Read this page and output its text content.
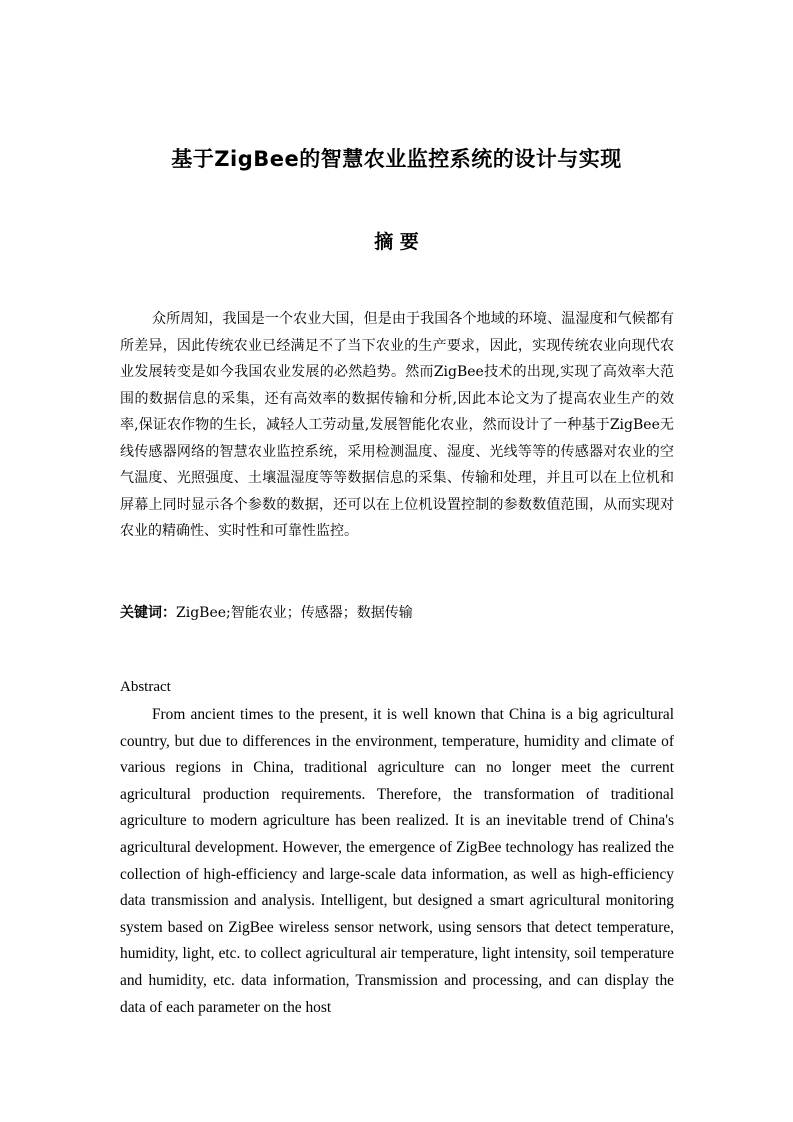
基于ZigBee的智慧农业监控系统的设计与实现
摘 要

众所周知，我国是一个农业大国，但是由于我国各个地域的环境、温湿度和气候都有所差异，因此传统农业已经满足不了当下农业的生产要求，因此，实现传统农业向现代农业发展转变是如今我国农业发展的必然趋势。然而ZigBee技术的出现,实现了高效率大范围的数据信息的采集，还有高效率的数据传输和分析,因此本论文为了提高农业生产的效率,保证农作物的生长，减轻人工劳动量,发展智能化农业，然而设计了一种基于ZigBee无线传感器网络的智慧农业监控系统，采用检测温度、湿度、光线等等的传感器对农业的空气温度、光照强度、土壤温湿度等等数据信息的采集、传输和处理，并且可以在上位机和屏幕上同时显示各个参数的数据，还可以在上位机设置控制的参数数值范围，从而实现对农业的精确性、实时性和可靠性监控。

关键词：ZigBee;智能农业；传感器；数据传输

Abstract

From ancient times to the present, it is well known that China is a big agricultural country, but due to differences in the environment, temperature, humidity and climate of various regions in China, traditional agriculture can no longer meet the current agricultural production requirements. Therefore, the transformation of traditional agriculture to modern agriculture has been realized. It is an inevitable trend of China's agricultural development. However, the emergence of ZigBee technology has realized the collection of high-efficiency and large-scale data information, as well as high-efficiency data transmission and analysis. Intelligent, but designed a smart agricultural monitoring system based on ZigBee wireless sensor network, using sensors that detect temperature, humidity, light, etc. to collect agricultural air temperature, light intensity, soil temperature and humidity, etc. data information, Transmission and processing, and can display the data of each parameter on the host
